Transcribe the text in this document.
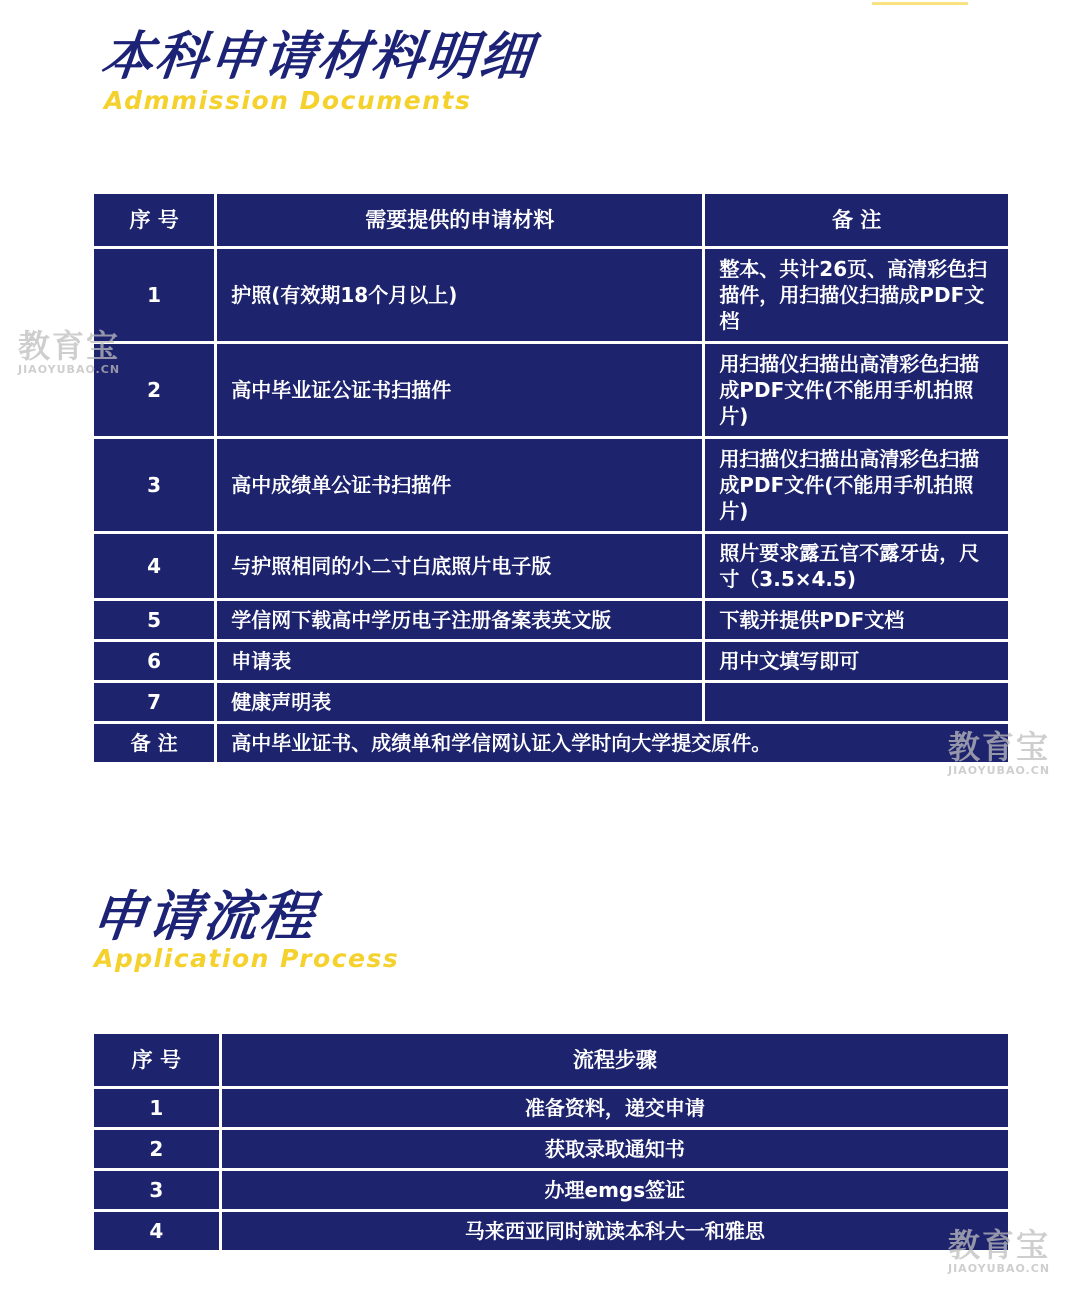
本科申请材料明细
Admmission Documents
序 号	需要提供的申请材料	备 注
1	护照(有效期18个月以上)	整本、共计26页、高清彩色扫描件，用扫描仪扫描成PDF文档
2	高中毕业证公证书扫描件	用扫描仪扫描出高清彩色扫描成PDF文件(不能用手机拍照片)
3	高中成绩单公证书扫描件	用扫描仪扫描出高清彩色扫描成PDF文件(不能用手机拍照片)
4	与护照相同的小二寸白底照片电子版	照片要求露五官不露牙齿，尺寸（3.5×4.5)
5	学信网下载高中学历电子注册备案表英文版	下载并提供PDF文档
6	申请表	用中文填写即可
7	健康声明表	
备 注	高中毕业证书、成绩单和学信网认证入学时向大学提交原件。	
申请流程
Application Process
序 号	流程步骤
1	准备资料，递交申请
2	获取录取通知书
3	办理emgs签证
4	马来西亚同时就读本科大一和雅思
教育宝
JIAOYUBAO.CN
教育宝
JIAOYUBAO.CN
教育宝
JIAOYUBAO.CN
